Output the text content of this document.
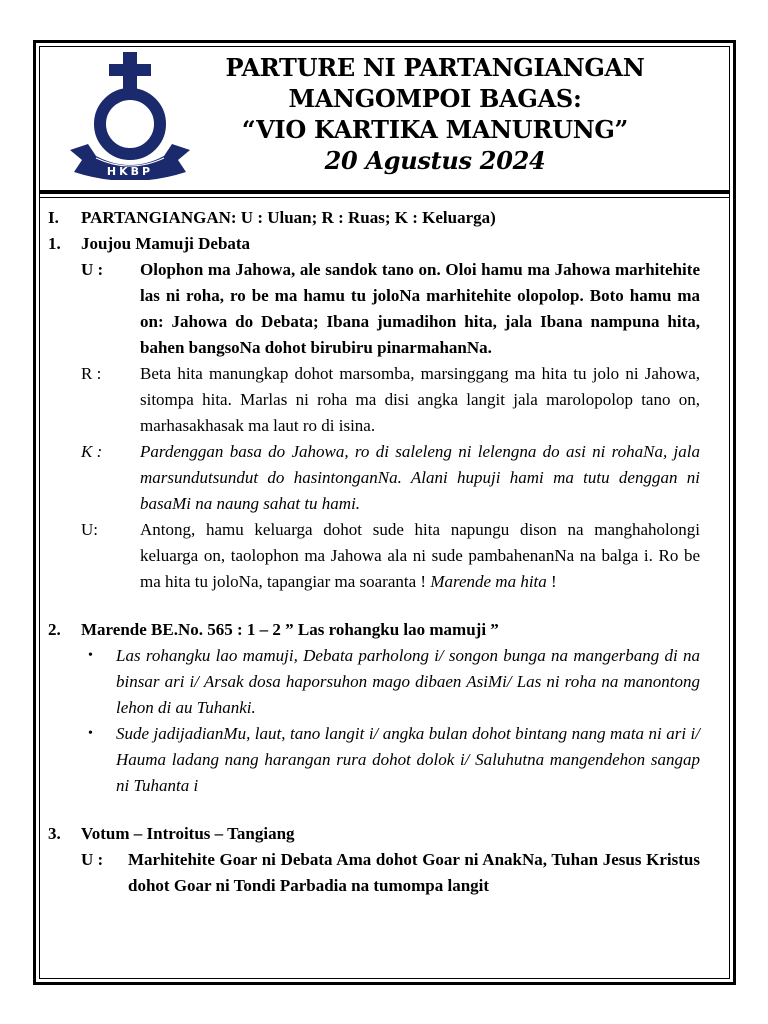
HKBP
PARTURE NI PARTANGIANGAN
MANGOMPOI BAGAS:
“VIO KARTIKA MANURUNG”
20 Agustus 2024
I.	PARTANGIANGAN: U : Uluan; R : Ruas; K : Keluarga)
1.	Joujou Mamuji Debata
U : Olophon ma Jahowa, ale sandok tano on. Oloi hamu ma Jahowa marhitehite las ni roha, ro be ma hamu tu joloNa marhitehite olopolop. Boto hamu ma on: Jahowa do Debata; Ibana jumadihon hita, jala Ibana nampuna hita, bahen bangsoNa dohot birubiru pinarmahanNa.
R : Beta hita manungkap dohot marsomba, marsinggang ma hita tu jolo ni Jahowa, sitompa hita. Marlas ni roha ma disi angka langit jala marolopolop tano on, marhasakhasak ma laut ro di isina.
K : Pardenggan basa do Jahowa, ro di saleleng ni lelengna do asi ni rohaNa, jala marsundutsundut do hasintonganNa. Alani hupuji hami ma tutu denggan ni basaMi na naung sahat tu hami.
U: Antong, hamu keluarga dohot sude hita napungu dison na manghaholongi keluarga on, taolophon ma Jahowa ala ni sude pambahenanNa na balga i. Ro be ma hita tu joloNa, tapangiar ma soaranta ! Marende ma hita !
2.	Marende BE.No. 565 : 1 – 2 ” Las rohangku lao mamuji ”
• Las rohangku lao mamuji, Debata parholong i/ songon bunga na mangerbang di na binsar ari i/ Arsak dosa haporsuhon mago dibaen AsiMi/ Las ni roha na manontong lehon di au Tuhanki.
• Sude jadijadianMu, laut, tano langit i/ angka bulan dohot bintang nang mata ni ari i/ Hauma ladang nang harangan rura dohot dolok i/ Saluhutna mangendehon sangap ni Tuhanta i
3.	Votum – Introitus – Tangiang
U : Marhitehite Goar ni Debata Ama dohot Goar ni AnakNa, Tuhan Jesus Kristus dohot Goar ni Tondi Parbadia na tumompa langit
